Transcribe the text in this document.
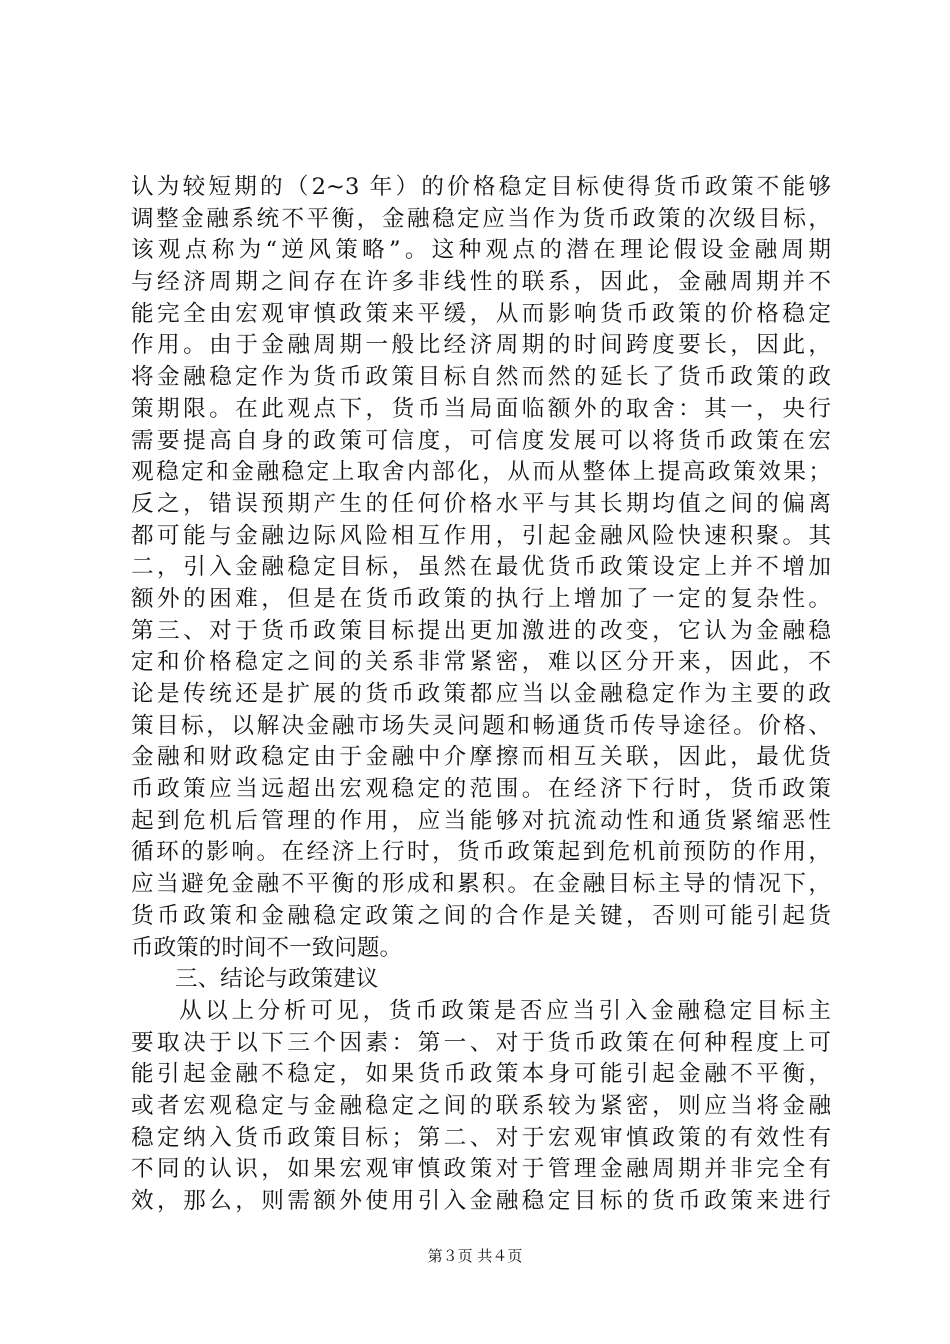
认为较短期的（2~3 年）的价格稳定目标使得货币政策不能够
调整金融系统不平衡，金融稳定应当作为货币政策的次级目标，
该观点称为“逆风策略”。这种观点的潜在理论假设金融周期
与经济周期之间存在许多非线性的联系，因此，金融周期并不
能完全由宏观审慎政策来平缓，从而影响货币政策的价格稳定
作用。由于金融周期一般比经济周期的时间跨度要长，因此，
将金融稳定作为货币政策目标自然而然的延长了货币政策的政
策期限。在此观点下，货币当局面临额外的取舍：其一，央行
需要提高自身的政策可信度，可信度发展可以将货币政策在宏
观稳定和金融稳定上取舍内部化，从而从整体上提高政策效果；
反之，错误预期产生的任何价格水平与其长期均值之间的偏离
都可能与金融边际风险相互作用，引起金融风险快速积聚。其
二，引入金融稳定目标，虽然在最优货币政策设定上并不增加
额外的困难，但是在货币政策的执行上增加了一定的复杂性。
第三、对于货币政策目标提出更加激进的改变，它认为金融稳
定和价格稳定之间的关系非常紧密，难以区分开来，因此，不
论是传统还是扩展的货币政策都应当以金融稳定作为主要的政
策目标，以解决金融市场失灵问题和畅通货币传导途径。价格、
金融和财政稳定由于金融中介摩擦而相互关联，因此，最优货
币政策应当远超出宏观稳定的范围。在经济下行时，货币政策
起到危机后管理的作用，应当能够对抗流动性和通货紧缩恶性
循环的影响。在经济上行时，货币政策起到危机前预防的作用，
应当避免金融不平衡的形成和累积。在金融目标主导的情况下，
货币政策和金融稳定政策之间的合作是关键，否则可能引起货
币政策的时间不一致问题。
三、结论与政策建议
从以上分析可见，货币政策是否应当引入金融稳定目标主
要取决于以下三个因素：第一、对于货币政策在何种程度上可
能引起金融不稳定，如果货币政策本身可能引起金融不平衡，
或者宏观稳定与金融稳定之间的联系较为紧密，则应当将金融
稳定纳入货币政策目标；第二、对于宏观审慎政策的有效性有
不同的认识，如果宏观审慎政策对于管理金融周期并非完全有
效，那么，则需额外使用引入金融稳定目标的货币政策来进行
第３页 共４页
